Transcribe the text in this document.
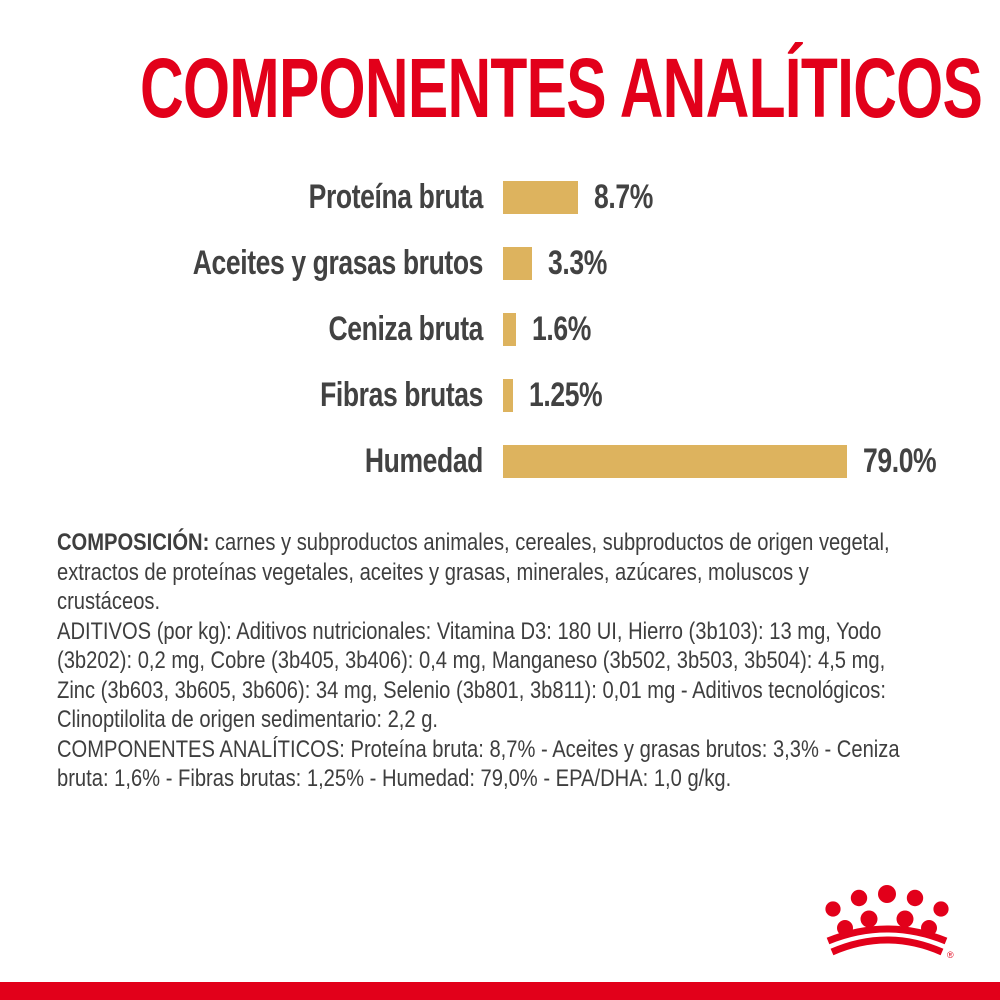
COMPONENTES ANALÍTICOS
Proteína bruta	8.7%
Aceites y grasas brutos 3.3%
Ceniza bruta 1.6%
Fibras brutas 1.25%
Humedad	79.0%
COMPOSICIÓN: carnes y subproductos animales, cereales, subproductos de origen vegetal,
extractos de proteínas vegetales, aceites y grasas, minerales, azúcares, moluscos y
crustáceos.
ADITIVOS (por kg): Aditivos nutricionales: Vitamina D3: 180 UI, Hierro (3b103): 13 mg, Yodo
(3b202): 0,2 mg, Cobre (3b405, 3b406): 0,4 mg, Manganeso (3b502, 3b503, 3b504): 4,5 mg,
Zinc (3b603, 3b605, 3b606): 34 mg, Selenio (3b801, 3b811): 0,01 mg - Aditivos tecnológicos:
Clinoptilolita de origen sedimentario: 2,2 g.
COMPONENTES ANALÍTICOS: Proteína bruta: 8,7% - Aceites y grasas brutos: 3,3% - Ceniza
bruta: 1,6% - Fibras brutas: 1,25% - Humedad: 79,0% - EPA/DHA: 1,0 g/kg.
®
